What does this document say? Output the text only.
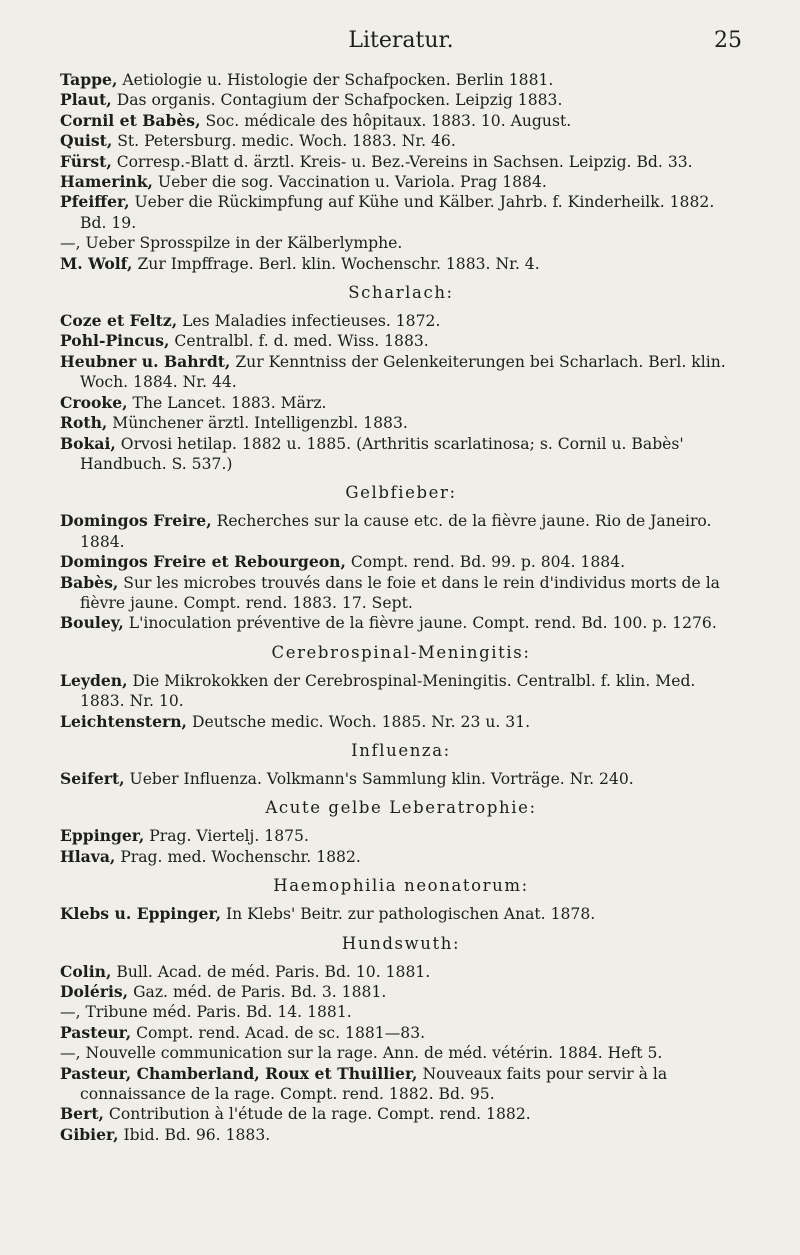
Literatur.	25

Tappe, Aetiologie u. Histologie der Schafpocken. Berlin 1881.

Plaut, Das organis. Contagium der Schafpocken. Leipzig 1883.

Cornil et Babès, Soc. médicale des hôpitaux. 1883. 10. August.

Quist, St. Petersburg. medic. Woch. 1883. Nr. 46.

Fürst, Corresp.-Blatt d. ärztl. Kreis- u. Bez.-Vereins in Sachsen. Leipzig. Bd. 33.

Hamerink, Ueber die sog. Vaccination u. Variola. Prag 1884.

Pfeiffer, Ueber die Rückimpfung auf Kühe und Kälber. Jahrb. f. Kinderheilk. 1882. Bd. 19.

—, Ueber Sprosspilze in der Kälberlymphe.

M. Wolf, Zur Impffrage. Berl. klin. Wochenschr. 1883. Nr. 4.

Scharlach:

Coze et Feltz, Les Maladies infectieuses. 1872.

Pohl-Pincus, Centralbl. f. d. med. Wiss. 1883.

Heubner u. Bahrdt, Zur Kenntniss der Gelenkeiterungen bei Scharlach. Berl. klin. Woch. 1884. Nr. 44.

Crooke, The Lancet. 1883. März.

Roth, Münchener ärztl. Intelligenzbl. 1883.

Bokai, Orvosi hetilap. 1882 u. 1885. (Arthritis scarlatinosa; s. Cornil u. Babès' Handbuch. S. 537.)

Gelbfieber:

Domingos Freire, Recherches sur la cause etc. de la fièvre jaune. Rio de Janeiro. 1884.

Domingos Freire et Rebourgeon, Compt. rend. Bd. 99. p. 804. 1884.

Babès, Sur les microbes trouvés dans le foie et dans le rein d'individus morts de la fièvre jaune. Compt. rend. 1883. 17. Sept.

Bouley, L'inoculation préventive de la fièvre jaune. Compt. rend. Bd. 100. p. 1276.

Cerebrospinal-Meningitis:

Leyden, Die Mikrokokken der Cerebrospinal-Meningitis. Centralbl. f. klin. Med. 1883. Nr. 10.

Leichtenstern, Deutsche medic. Woch. 1885. Nr. 23 u. 31.

Influenza:

Seifert, Ueber Influenza. Volkmann's Sammlung klin. Vorträge. Nr. 240.

Acute gelbe Leberatrophie:

Eppinger, Prag. Viertelj. 1875.

Hlava, Prag. med. Wochenschr. 1882.

Haemophilia neonatorum:

Klebs u. Eppinger, In Klebs' Beitr. zur pathologischen Anat. 1878.

Hundswuth:

Colin, Bull. Acad. de méd. Paris. Bd. 10. 1881.

Doléris, Gaz. méd. de Paris. Bd. 3. 1881.

—, Tribune méd. Paris. Bd. 14. 1881.

Pasteur, Compt. rend. Acad. de sc. 1881—83.

—, Nouvelle communication sur la rage. Ann. de méd. vétérin. 1884. Heft 5.

Pasteur, Chamberland, Roux et Thuillier, Nouveaux faits pour servir à la connaissance de la rage. Compt. rend. 1882. Bd. 95.

Bert, Contribution à l'étude de la rage. Compt. rend. 1882.

Gibier, Ibid. Bd. 96. 1883.
